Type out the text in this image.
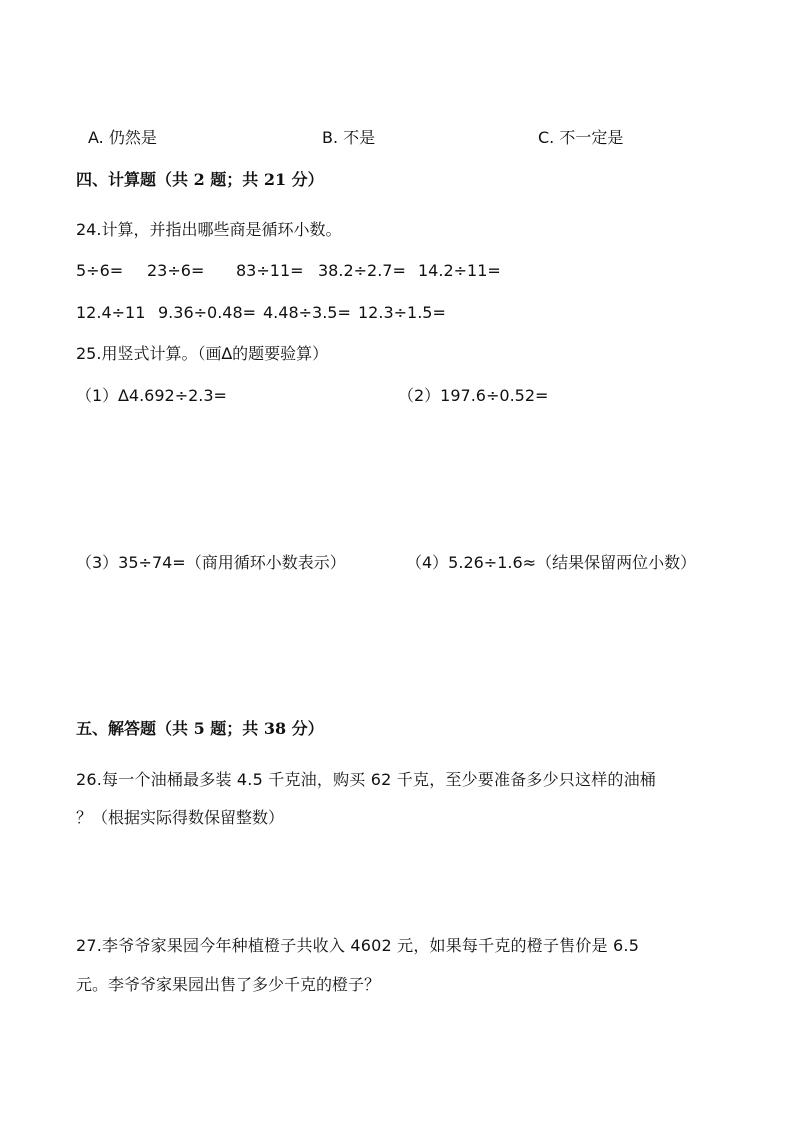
A. 仍然是	B. 不是	C. 不一定是
四、计算题（共 2 题；共 21 分）
24.计算，并指出哪些商是循环小数。
5÷6= 23÷6= 83÷11= 38.2÷2.7= 14.2÷11=
12.4÷11 9.36÷0.48= 4.48÷3.5= 12.3÷1.5=
25.用竖式计算。（画∆的题要验算）
（1）∆4.692÷2.3=	（2）197.6÷0.52=
（3）35÷74=（商用循环小数表示）	（4）5.26÷1.6≈（结果保留两位小数）
五、解答题（共 5 题；共 38 分）
26.每一个油桶最多装 4.5 千克油，购买 62 千克，至少要准备多少只这样的油桶
？（根据实际得数保留整数）
27.李爷爷家果园今年种植橙子共收入 4602 元，如果每千克的橙子售价是 6.5
元。李爷爷家果园出售了多少千克的橙子？
